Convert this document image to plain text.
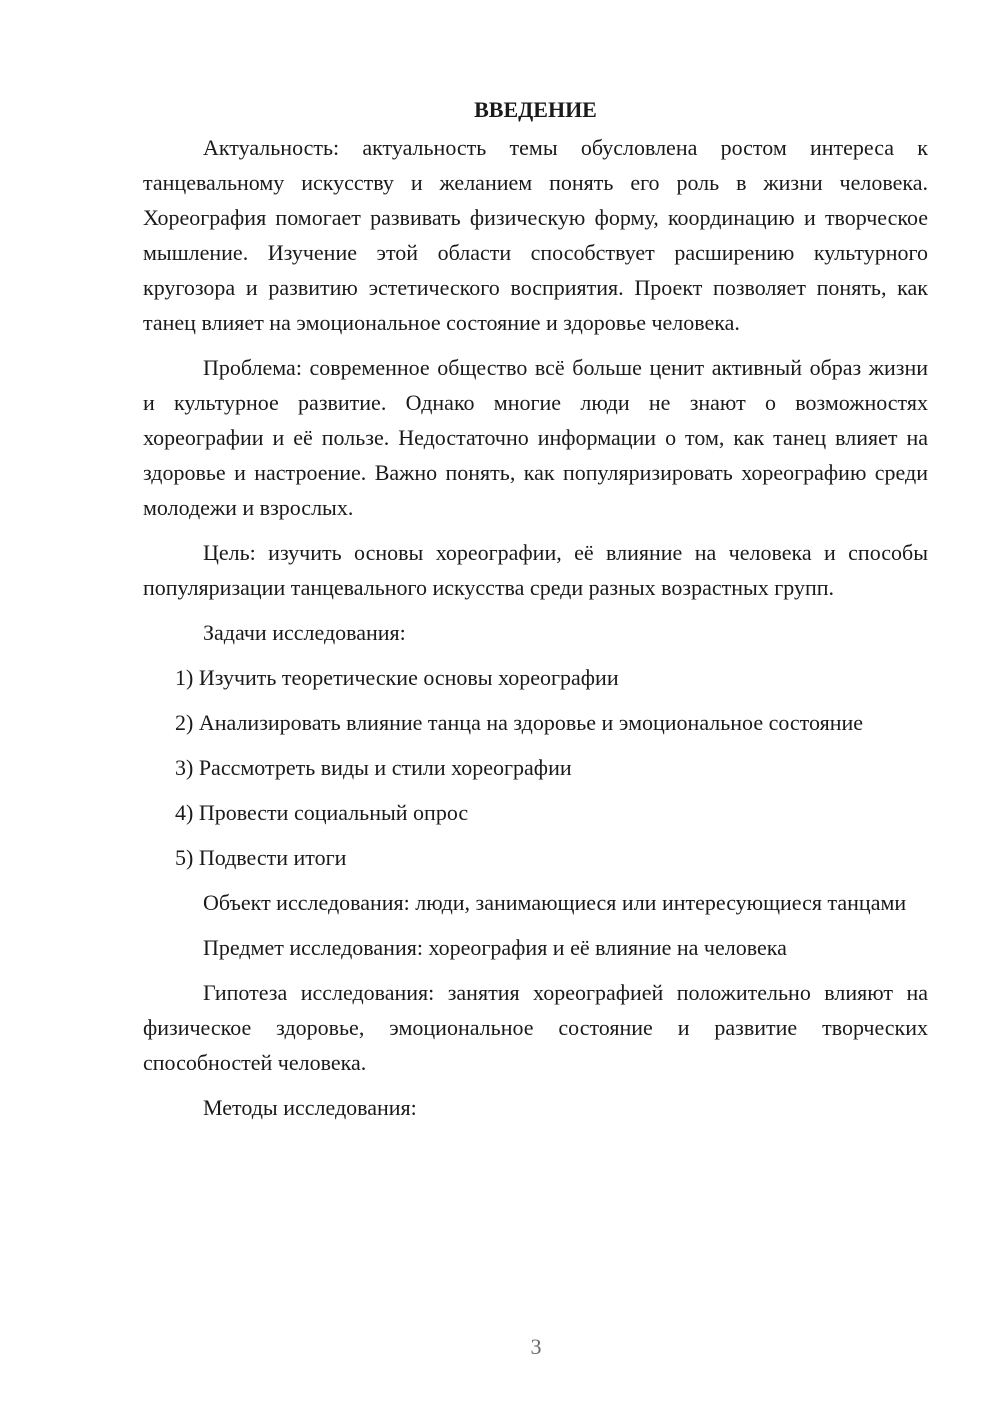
ВВЕДЕНИЕ

Актуальность: актуальность темы обусловлена ростом интереса к танцевальному искусству и желанием понять его роль в жизни человека. Хореография помогает развивать физическую форму, координацию и творческое мышление. Изучение этой области способствует расширению культурного кругозора и развитию эстетического восприятия. Проект позволяет понять, как танец влияет на эмоциональное состояние и здоровье человека.

Проблема: современное общество всё больше ценит активный образ жизни и культурное развитие. Однако многие люди не знают о возможностях хореографии и её пользе. Недостаточно информации о том, как танец влияет на здоровье и настроение. Важно понять, как популяризировать хореографию среди молодежи и взрослых.

Цель: изучить основы хореографии, её влияние на человека и способы популяризации танцевального искусства среди разных возрастных групп.

Задачи исследования:

1) Изучить теоретические основы хореографии

2) Анализировать влияние танца на здоровье и эмоциональное состояние

3) Рассмотреть виды и стили хореографии

4) Провести социальный опрос

5) Подвести итоги

Объект исследования: люди, занимающиеся или интересующиеся танцами

Предмет исследования: хореография и её влияние на человека

Гипотеза исследования: занятия хореографией положительно влияют на физическое здоровье, эмоциональное состояние и развитие творческих способностей человека.

Методы исследования:

3
